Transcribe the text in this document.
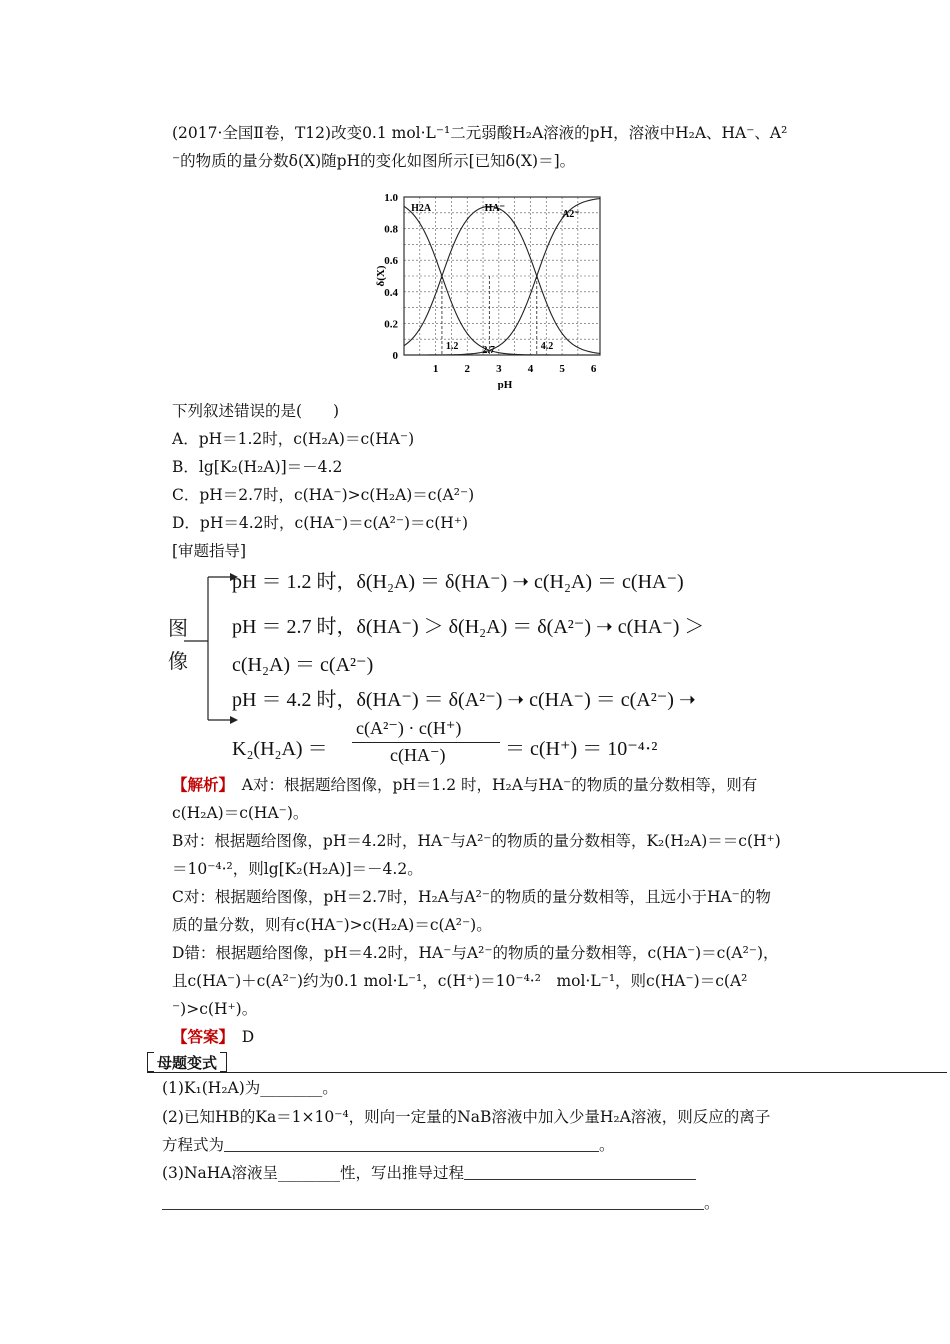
(2017·全国Ⅱ卷，T12)改变0.1 mol·L⁻¹二元弱酸H₂A溶液的pH，溶液中H₂A、HA⁻、A²
⁻的物质的量分数δ(X)随pH的变化如图所示[已知δ(X)＝]。
0
0.2
0.4
0.6
0.8
1.0
1 2 3 4 5 6
H2A	HA⁻
A2⁻
1.2 2.7	4.2
δ(X)
pH
下列叙述错误的是(　　)
A．pH＝1.2时，c(H₂A)＝c(HA⁻)
B．lg[K₂(H₂A)]＝－4.2
C．pH＝2.7时，c(HA⁻)>c(H₂A)＝c(A²⁻)
D．pH＝4.2时，c(HA⁻)＝c(A²⁻)＝c(H⁺)
[审题指导]
图
像
pH ＝ 1.2 时，δ(H₂A) ＝ δ(HA⁻) ➝ c(H₂A) ＝ c(HA⁻)
pH ＝ 2.7 时，δ(HA⁻) ＞ δ(H₂A) ＝ δ(A²⁻) ➝ c(HA⁻) ＞
c(H₂A) ＝ c(A²⁻)
pH ＝ 4.2 时，δ(HA⁻) ＝ δ(A²⁻) ➝ c(HA⁻) ＝ c(A²⁻) ➝
K₂(H₂A) ＝
c(A²⁻) · c(H⁺)
c(HA⁻)	＝ c(H⁺) ＝ 10⁻⁴·²
【解析】　A对：根据题给图像，pH＝1.2 时，H₂A与HA⁻的物质的量分数相等，则有
c(H₂A)＝c(HA⁻)。
B对：根据题给图像，pH＝4.2时，HA⁻与A²⁻的物质的量分数相等，K₂(H₂A)＝＝c(H⁺)
＝10⁻⁴·²，则lg[K₂(H₂A)]＝－4.2。
C对：根据题给图像，pH＝2.7时，H₂A与A²⁻的物质的量分数相等，且远小于HA⁻的物
质的量分数，则有c(HA⁻)>c(H₂A)＝c(A²⁻)。
D错：根据题给图像，pH＝4.2时，HA⁻与A²⁻的物质的量分数相等，c(HA⁻)＝c(A²⁻)，
且c(HA⁻)＋c(A²⁻)约为0.1 mol·L⁻¹，c(H⁺)＝10⁻⁴·²　mol·L⁻¹，则c(HA⁻)＝c(A²
⁻)>c(H⁺)。
【答案】　D
母题变式
(1)K₁(H₂A)为________。
(2)已知HB的Ka＝1×10⁻⁴，则向一定量的NaB溶液中加入少量H₂A溶液，则反应的离子
方程式为	。
(3)NaHA溶液呈________性，写出推导过程
。
